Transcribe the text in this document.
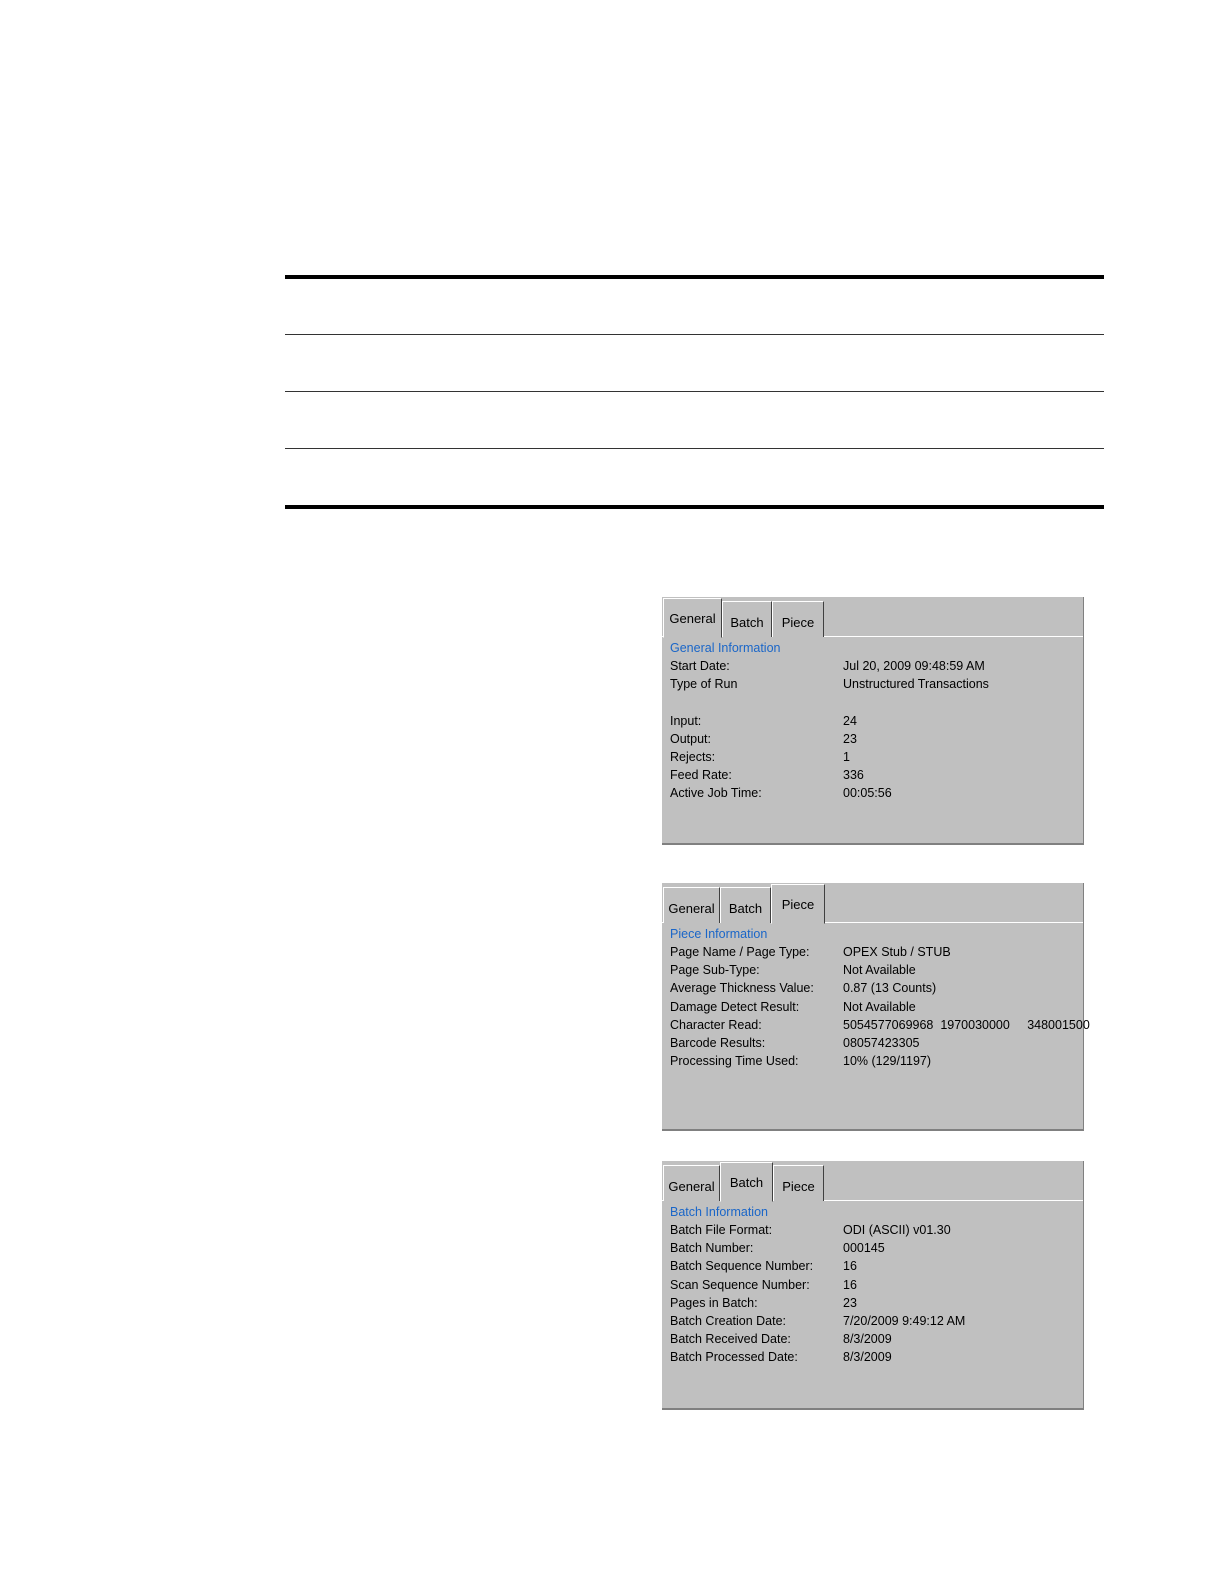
General	Batch	Piece
General Information
Start Date:	Jul 20, 2009 09:48:59 AM
Type of Run	Unstructured Transactions
Input:	24
Output:	23
Rejects:	1
Feed Rate:	336
Active Job Time:	00:05:56
General	Batch	Piece
Piece Information
Page Name / Page Type:	OPEX Stub / STUB
Page Sub-Type:	Not Available
Average Thickness Value:	0.87 (13 Counts)
Damage Detect Result:	Not Available
Character Read:	5054577069968  1970030000     348001500
Barcode Results:	08057423305
Processing Time Used:	10% (129/1197)
General	Batch	Piece
Batch Information
Batch File Format:	ODI (ASCII) v01.30
Batch Number:	000145
Batch Sequence Number:	16
Scan Sequence Number:	16
Pages in Batch:	23
Batch Creation Date:	7/20/2009 9:49:12 AM
Batch Received Date:	8/3/2009
Batch Processed Date:	8/3/2009
